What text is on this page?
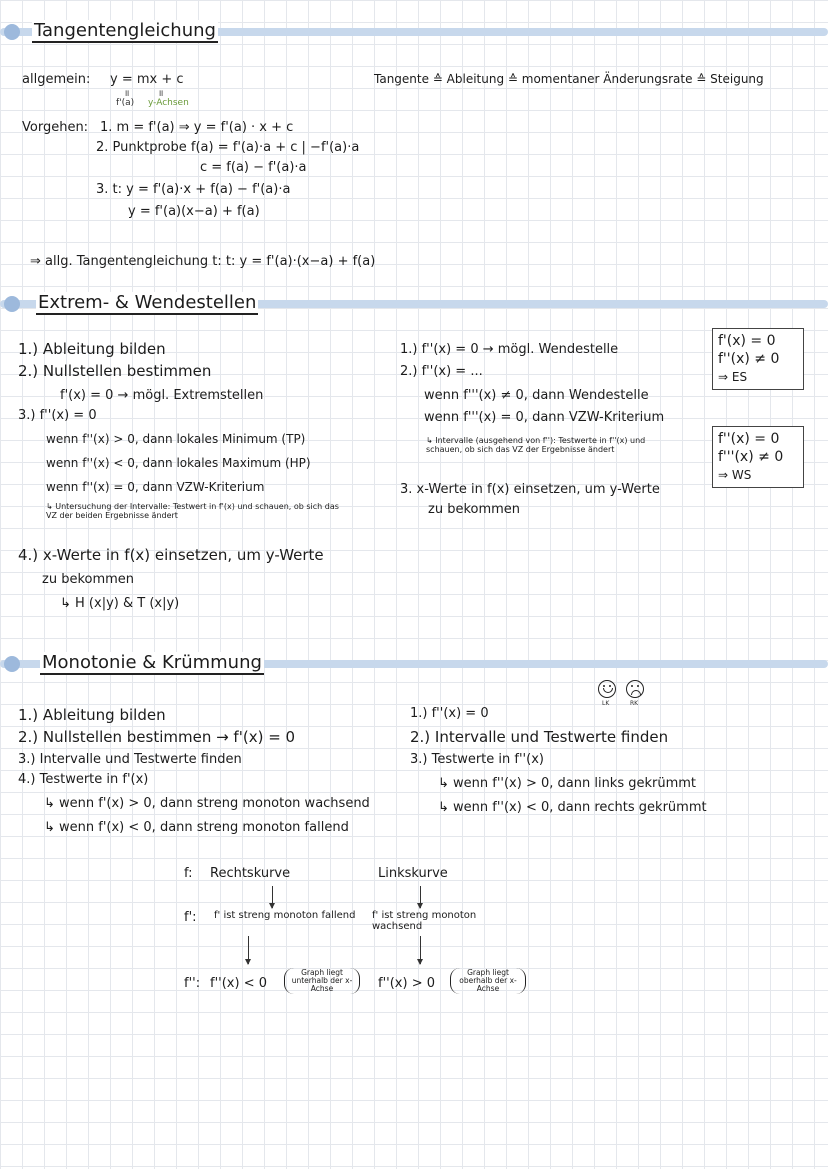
Tangentengleichung
allgemein: y = mx + c
॥	॥
f'(a) y-Achsen
Tangente ≙ Ableitung ≙ momentaner Änderungsrate ≙ Steigung
Vorgehen: 1. m = f'(a) ⇒ y = f'(a) · x + c
2. Punktprobe f(a) = f'(a)·a + c | −f'(a)·a
c = f(a) − f'(a)·a
3. t: y = f'(a)·x + f(a) − f'(a)·a
y = f'(a)(x−a) + f(a)
⇒ allg. Tangentengleichung t: t: y = f'(a)·(x−a) + f(a)
Extrem- & Wendestellen
1.) Ableitung bilden
2.) Nullstellen bestimmen
f'(x) = 0 → mögl. Extremstellen
3.) f''(x) = 0
wenn f''(x) > 0, dann lokales Minimum (TP)
wenn f''(x) < 0, dann lokales Maximum (HP)
wenn f''(x) = 0, dann VZW-Kriterium
↳ Untersuchung der Intervalle: Testwert in f'(x) und schauen, ob sich das VZ der beiden Ergebnisse ändert
4.) x-Werte in f(x) einsetzen, um y-Werte
zu bekommen
↳ H (x|y) & T (x|y)
1.) f''(x) = 0 → mögl. Wendestelle
2.) f''(x) = ...
wenn f'''(x) ≠ 0, dann Wendestelle
wenn f'''(x) = 0, dann VZW-Kriterium
↳ Intervalle (ausgehend von f''): Testwerte in f''(x) und schauen, ob sich das VZ der Ergebnisse ändert
3. x-Werte in f(x) einsetzen, um y-Werte
zu bekommen
f'(x) = 0
f''(x) ≠ 0
⇒ ES
f''(x) = 0
f'''(x) ≠ 0
⇒ WS
Monotonie & Krümmung
LK	RK
1.) Ableitung bilden
2.) Nullstellen bestimmen → f'(x) = 0
3.) Intervalle und Testwerte finden
4.) Testwerte in f'(x)
↳ wenn f'(x) > 0, dann streng monoton wachsend
↳ wenn f'(x) < 0, dann streng monoton fallend
1.) f''(x) = 0
2.) Intervalle und Testwerte finden
3.) Testwerte in f''(x)
↳ wenn f''(x) > 0, dann links gekrümmt
↳ wenn f''(x) < 0, dann rechts gekrümmt
f: Rechtskurve	Linkskurve
f': f' ist streng monoton fallend	f' ist streng monoton wachsend
f'': f''(x) < 0
Graph liegt unterhalb der x-Achse	f''(x) > 0
Graph liegt oberhalb der x-Achse
